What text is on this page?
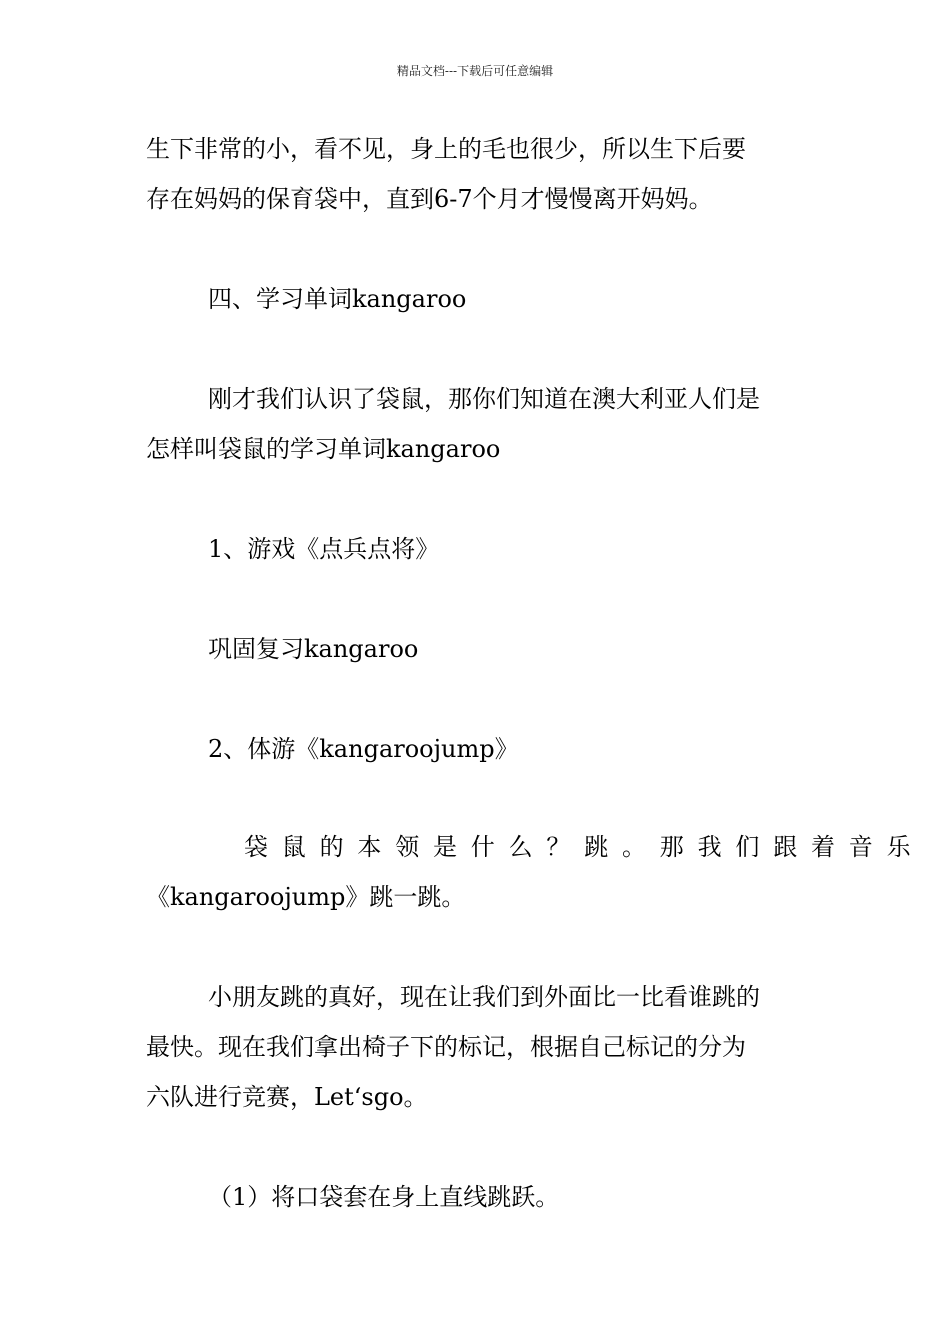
精品文档---下载后可任意编辑
生下非常的小，看不见，身上的毛也很少，所以生下后要
存在妈妈的保育袋中，直到6-7个月才慢慢离开妈妈。
四、学习单词kangaroo
刚才我们认识了袋鼠，那你们知道在澳大利亚人们是
怎样叫袋鼠的学习单词kangaroo
1、游戏《点兵点将》
巩固复习kangaroo
2、体游《kangaroojump》
袋鼠的本领是什么？跳。那我们跟着音乐
《kangaroojump》跳一跳。
小朋友跳的真好，现在让我们到外面比一比看谁跳的
最快。现在我们拿出椅子下的标记，根据自己标记的分为
六队进行竞赛，Let‘sgo。
（1）将口袋套在身上直线跳跃。
